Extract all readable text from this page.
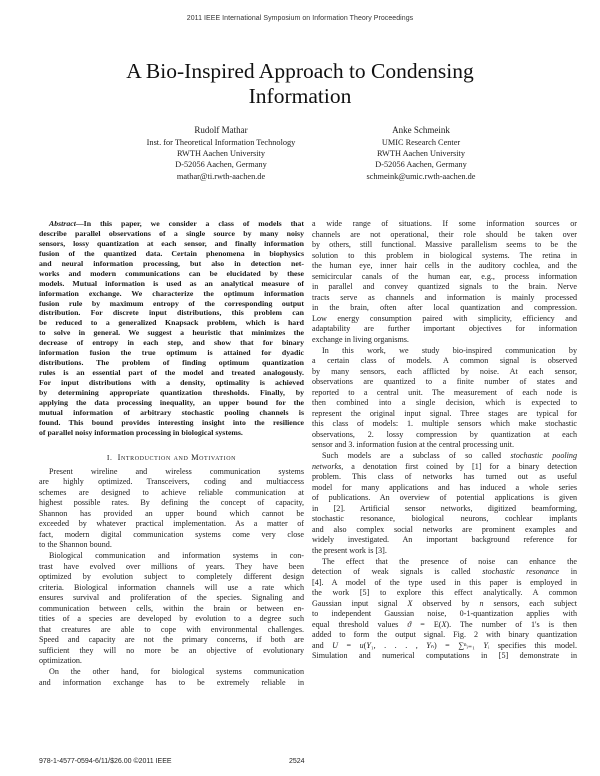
2011 IEEE International Symposium on Information Theory Proceedings
A Bio-Inspired Approach to Condensing
Information
Rudolf Mathar
Inst. for Theoretical Information Technology
RWTH Aachen University
D-52056 Aachen, Germany
mathar@ti.rwth-aachen.de
Anke Schmeink
UMIC Research Center
RWTH Aachen University
D-52056 Aachen, Germany
schmeink@umic.rwth-aachen.de
Abstract—In this paper, we consider a class of models that
describe parallel observations of a single source by many noisy
sensors, lossy quantization at each sensor, and finally information
fusion of the quantized data. Certain phenomena in biophysics
and neural information processing, but also in detection net-
works and modern communications can be elucidated by these
models. Mutual information is used as an analytical measure of
information exchange. We characterize the optimum information
fusion rule by maximum entropy of the corresponding output
distribution. For discrete input distributions, this problem can
be reduced to a generalized Knapsack problem, which is hard
to solve in general. We suggest a heuristic that minimizes the
decrease of entropy in each step, and show that for binary
information fusion the true optimum is attained for dyadic
distributions. The problem of finding optimum quantization
rules is an essential part of the model and treated analogously.
For input distributions with a density, optimality is achieved
by determining appropriate quantization thresholds. Finally, by
applying the data processing inequality, an upper bound for the
mutual information of arbitrary stochastic pooling channels is
found. This bound provides interesting insight into the resilience
of parallel noisy information processing in biological systems.
I. Introduction and Motivation
Present wireline and wireless communication systems
are highly optimized. Transceivers, coding and multiaccess
schemes are designed to achieve reliable communication at
highest possible rates. By defining the concept of capacity,
Shannon has provided an upper bound which cannot be
exceeded by whatever practical implementation. As a matter of
fact, modern digital communication systems come very close
to the Shannon bound.
Biological communication and information systems in con-
trast have evolved over millions of years. They have been
optimized by evolution subject to completely different design
criteria. Biological information channels will use a rate which
ensures survival and proliferation of the species. Signaling and
communication between cells, within the brain or between en-
tities of a species are developed by evolution to a degree such
that creatures are able to cope with environmental challenges.
Speed and capacity are not the primary concerns, if both are
sufficient they will no more be an objective of evolutionary
optimization.
On the other hand, for biological systems communication
and information exchange has to be extremely reliable in
a wide range of situations. If some information sources or
channels are not operational, their role should be taken over
by others, still functional. Massive parallelism seems to be the
solution to this problem in biological systems. The retina in
the human eye, inner hair cells in the auditory cochlea, and the
semicircular canals of the human ear, e.g., process information
in parallel and convey quantized signals to the brain. Nerve
tracts serve as channels and information is mainly processed
in the brain, often after local quantization and compression.
Low energy consumption paired with simplicity, efficiency and
adaptability are further important objectives for information
exchange in living organisms.
In this work, we study bio-inspired communication by
a certain class of models. A common signal is observed
by many sensors, each afflicted by noise. At each sensor,
observations are quantized to a finite number of states and
reported to a central unit. The measurement of each node is
then combined into a single decision, which is expected to
represent the original input signal. Three stages are typical for
this class of models: 1. multiple sensors which make stochastic
observations, 2. lossy compression by quantization at each
sensor and 3. information fusion at the central processing unit.
Such models are a subclass of so called stochastic pooling
networks, a denotation first coined by [1] for a binary detection
problem. This class of networks has turned out as useful
model for many applications and has induced a whole series
of publications. An overview of potential applications is given
in [2]. Artificial sensor networks, digitized beamforming,
stochastic resonance, biological neurons, cochlear implants
and also complex social networks are prominent examples and
widely investigated. An important background reference for
the present work is [3].
The effect that the presence of noise can enhance the
detection of weak signals is called stochastic resonance in
[4]. A model of the type used in this paper is employed in
the work [5] to explore this effect analytically. A common
Gaussian input signal X observed by n sensors, each subject
to independent Gaussian noise, 0-1-quantization applies with
equal threshold values ϑ = E(X). The number of 1's is then
added to form the output signal. Fig. 2 with binary quantization
and U = u(Y₁, . . . , Yₙ) = ∑ⁿᵢ₌₁ Yᵢ specifies this model.
Simulation and numerical computations in [5] demonstrate in
978-1-4577-0594-6/11/$26.00 ©2011 IEEE	2524
